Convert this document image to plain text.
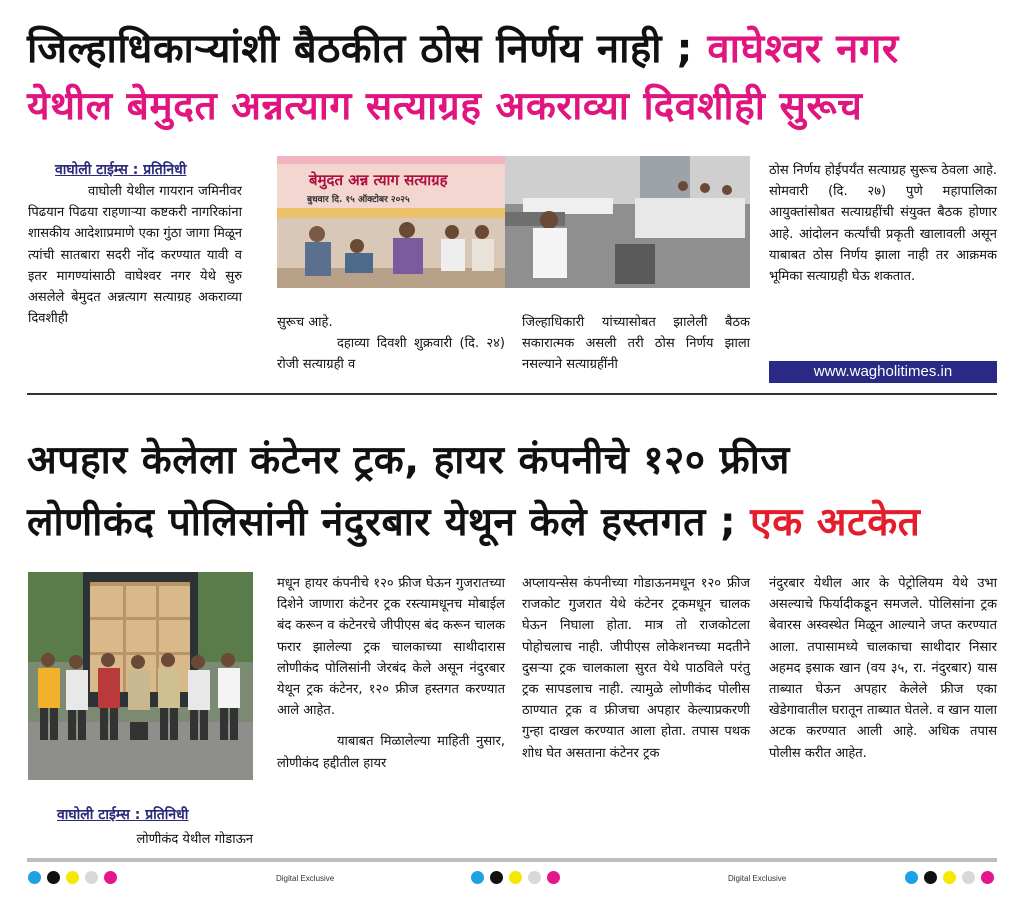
जिल्हाधिकाऱ्यांशी बैठकीत ठोस निर्णय नाही ; वाघेश्वर नगर
येथील बेमुदत अन्नत्याग सत्याग्रह अकराव्या दिवशीही सुरूच
वाघोली टाईम्स : प्रतिनिधी

वाघोली येथील गायरान जमिनीवर पिढयान पिढया राहणाऱ्या कष्टकरी नागरिकांना शासकीय आदेशाप्रमाणे एका गुंठा जागा मिळून त्यांची सातबारा सदरी नोंद करण्यात यावी व इतर मागण्यांसाठी वाघेश्वर नगर येथे सुरु असलेले बेमुदत अन्नत्याग सत्याग्रह अकराव्या दिवशीही

बेमुदत अन्न त्याग सत्याग्रह
बुधवार दि. १५ ऑक्टोबर २०२५

सुरूच आहे.

दहाव्या दिवशी शुक्रवारी (दि. २४) रोजी सत्याग्रही व

जिल्हाधिकारी यांच्यासोबत झालेली बैठक सकारात्मक असली तरी ठोस निर्णय झाला नसल्याने सत्याग्रहींनी

ठोस निर्णय होईपर्यंत सत्याग्रह सुरूच ठेवला आहे. सोमवारी (दि. २७) पुणे महापालिका आयुक्तांसोबत सत्याग्रहींची संयुक्त बैठक होणार आहे. आंदोलन कर्त्यांची प्रकृती खालावली असून याबाबत ठोस निर्णय झाला नाही तर आक्रमक भूमिका सत्याग्रही घेऊ शकतात.

www.wagholitimes.in
अपहार केलेला कंटेनर ट्रक, हायर कंपनीचे १२० फ्रीज
लोणीकंद पोलिसांनी नंदुरबार येथून केले हस्तगत ; एक अटकेत
वाघोली टाईम्स : प्रतिनिधी

लोणीकंद येथील गोडाऊन

मधून हायर कंपनीचे १२० फ्रीज घेऊन गुजरातच्या दिशेने जाणारा कंटेनर ट्रक रस्त्यामधूनच मोबाईल बंद करून व कंटेनरचे जीपीएस बंद करून चालक फरार झालेल्या ट्रक चालकाच्या साथीदारास लोणीकंद पोलिसांनी जेरबंद केले असून नंदुरबार येथून ट्रक कंटेनर, १२० फ्रीज हस्तगत करण्यात आले आहेत.

याबाबत मिळालेल्या माहिती नुसार, लोणीकंद हद्दीतील हायर

अप्लायन्सेस कंपनीच्या गोडाऊनमधून १२० फ्रीज राजकोट गुजरात येथे कंटेनर ट्रकमधून चालक घेऊन निघाला होता. मात्र तो राजकोटला पोहोचलाच नाही. जीपीएस लोकेशनच्या मदतीने दुसऱ्या ट्रक चालकाला सुरत येथे पाठविले परंतु ट्रक सापडलाच नाही. त्यामुळे लोणीकंद पोलीस ठाण्यात ट्रक व फ्रीजचा अपहार केल्याप्रकरणी गुन्हा दाखल करण्यात आला होता. तपास पथक शोध घेत असताना कंटेनर ट्रक

नंदुरबार येथील आर के पेट्रोलियम येथे उभा असल्याचे फिर्यादीकडून समजले. पोलिसांना ट्रक बेवारस अस्वस्थेत मिळून आल्याने जप्त करण्यात आला. तपासामध्ये चालकाचा साथीदार निसार अहमद इसाक खान (वय ३५, रा. नंदुरबार) यास ताब्यात घेऊन अपहार केलेले फ्रीज एका खेडेगावातील घरातून ताब्यात घेतले. व खान याला अटक करण्यात आली आहे. अधिक तपास पोलीस करीत आहेत.

Digital Exclusive	Digital Exclusive
